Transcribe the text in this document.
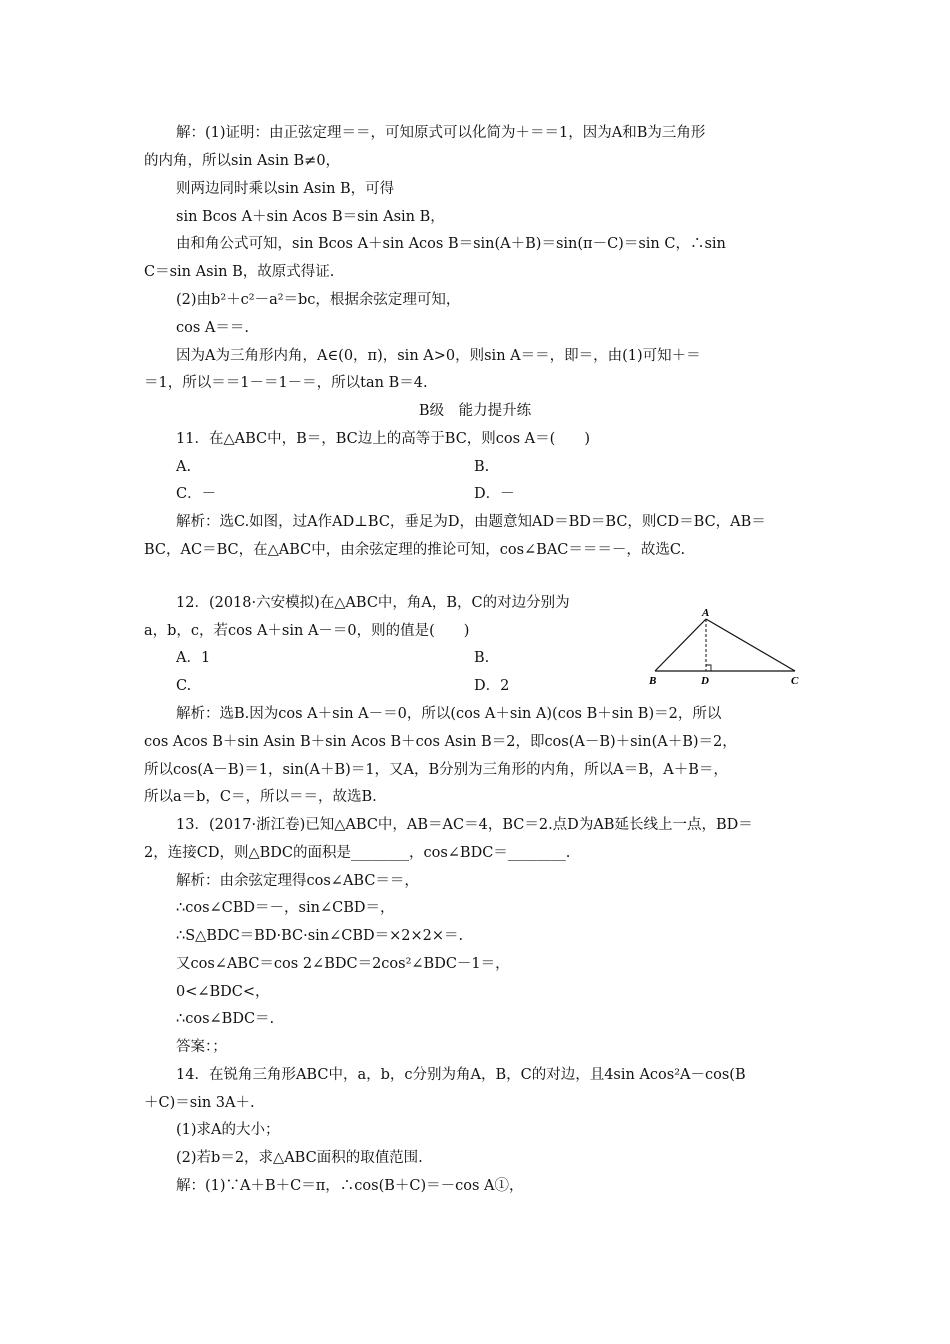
解：(1)证明：由正弦定理＝＝，可知原式可以化简为＋＝＝1，因为A和B为三角形
的内角，所以sin Asin B≠0，
则两边同时乘以sin Asin B，可得
sin Bcos A＋sin Acos B＝sin Asin B，
由和角公式可知，sin Bcos A＋sin Acos B＝sin(A＋B)＝sin(π－C)＝sin C，∴sin
C＝sin Asin B，故原式得证.
(2)由b²＋c²－a²＝bc，根据余弦定理可知，
cos A＝＝.
因为A为三角形内角，A∈(0，π)，sin A>0，则sin A＝＝，即＝，由(1)可知＋＝
＝1，所以＝＝1－＝1－＝，所以tan B＝4.
B级　能力提升练
11．在△ABC中，B＝，BC边上的高等于BC，则cos A＝(　　)
A.	B.
C．－	D．－
解析：选C.如图，过A作AD⊥BC，垂足为D，由题意知AD＝BD＝BC，则CD＝BC，AB＝
BC，AC＝BC，在△ABC中，由余弦定理的推论可知，cos∠BAC＝＝＝－，故选C.
12．(2018·六安模拟)在△ABC中，角A，B，C的对边分别为
a，b，c，若cos A＋sin A－＝0，则的值是(　　)
A．1	B.
C.	D．2
解析：选B.因为cos A＋sin A－＝0，所以(cos A＋sin A)(cos B＋sin B)＝2，所以
cos Acos B＋sin Asin B＋sin Acos B＋cos Asin B＝2，即cos(A－B)＋sin(A＋B)＝2，
所以cos(A－B)＝1，sin(A＋B)＝1，又A，B分别为三角形的内角，所以A＝B，A＋B＝，
所以a＝b，C＝，所以＝＝，故选B.
13．(2017·浙江卷)已知△ABC中，AB＝AC＝4，BC＝2.点D为AB延长线上一点，BD＝
2，连接CD，则△BDC的面积是________，cos∠BDC＝________.
解析：由余弦定理得cos∠ABC＝＝，
∴cos∠CBD＝－，sin∠CBD＝，
∴S△BDC＝BD·BC·sin∠CBD＝×2×2×＝.
又cos∠ABC＝cos 2∠BDC＝2cos²∠BDC－1＝，
0<∠BDC<，
∴cos∠BDC＝.
答案：；
14．在锐角三角形ABC中，a，b，c分别为角A，B，C的对边，且4sin Acos²A－cos(B
＋C)＝sin 3A＋.
(1)求A的大小；
(2)若b＝2，求△ABC面积的取值范围.
解：(1)∵A＋B＋C＝π，∴cos(B＋C)＝－cos A①，
A
B	D	C
